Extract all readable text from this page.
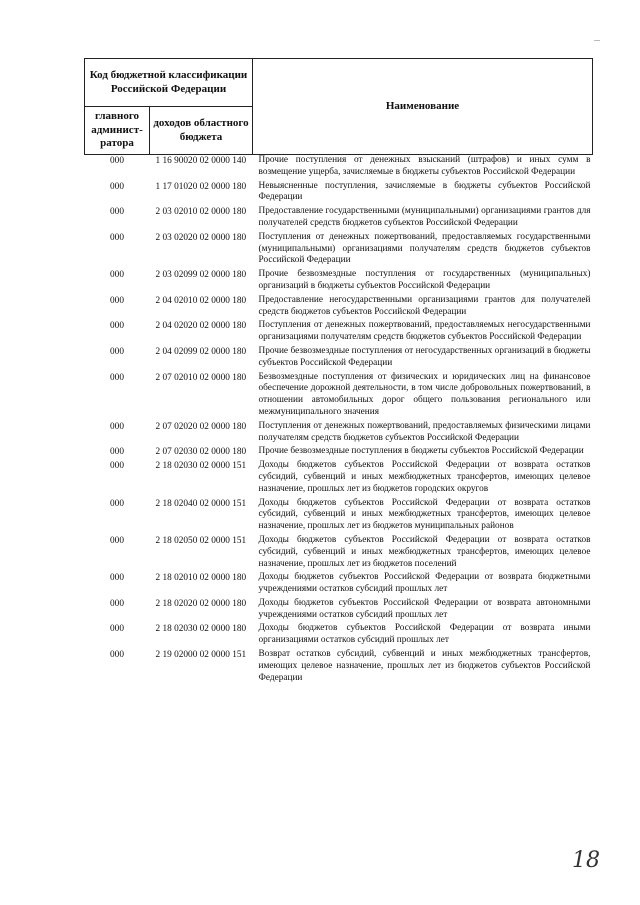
Код бюджетной классификации Российской Федерации		Наименование
главного админист-ратора	доходов областного бюджета	
000	1 16 90020 02 0000 140	Прочие поступления от денежных взысканий (штрафов) и иных сумм в возмещение ущерба, зачисляемые в бюджеты субъектов Российской Федерации
000	1 17 01020 02 0000 180	Невыясненные поступления, зачисляемые в бюджеты субъектов Российской Федерации
000	2 03 02010 02 0000 180	Предоставление государственными (муниципальными) организациями грантов для получателей средств бюджетов субъектов Российской Федерации
000	2 03 02020 02 0000 180	Поступления от денежных пожертвований, предоставляемых государственными (муниципальными) организациями получателям средств бюджетов субъектов Российской Федерации
000	2 03 02099 02 0000 180	Прочие безвозмездные поступления от государственных (муниципальных) организаций в бюджеты субъектов Российской Федерации
000	2 04 02010 02 0000 180	Предоставление негосударственными организациями грантов для получателей средств бюджетов субъектов Российской Федерации
000	2 04 02020 02 0000 180	Поступления от денежных пожертвований, предоставляемых негосударственными организациями получателям средств бюджетов субъектов Российской Федерации
000	2 04 02099 02 0000 180	Прочие безвозмездные поступления от негосударственных организаций в бюджеты субъектов Российской Федерации
000	2 07 02010 02 0000 180	Безвозмездные поступления от физических и юридических лиц на финансовое обеспечение дорожной деятельности, в том числе добровольных пожертвований, в отношении автомобильных дорог общего пользования регионального или межмуниципального значения
000	2 07 02020 02 0000 180	Поступления от денежных пожертвований, предоставляемых физическими лицами получателям средств бюджетов субъектов Российской Федерации
000	2 07 02030 02 0000 180	Прочие безвозмездные поступления в бюджеты субъектов Российской Федерации
000	2 18 02030 02 0000 151	Доходы бюджетов субъектов Российской Федерации от возврата остатков субсидий, субвенций и иных межбюджетных трансфертов, имеющих целевое назначение, прошлых лет из бюджетов городских округов
000	2 18 02040 02 0000 151	Доходы бюджетов субъектов Российской Федерации от возврата остатков субсидий, субвенций и иных межбюджетных трансфертов, имеющих целевое назначение, прошлых лет из бюджетов муниципальных районов
000	2 18 02050 02 0000 151	Доходы бюджетов субъектов Российской Федерации от возврата остатков субсидий, субвенций и иных межбюджетных трансфертов, имеющих целевое назначение, прошлых лет из бюджетов поселений
000	2 18 02010 02 0000 180	Доходы бюджетов субъектов Российской Федерации от возврата бюджетными учреждениями остатков субсидий прошлых лет
000	2 18 02020 02 0000 180	Доходы бюджетов субъектов Российской Федерации от возврата автономными учреждениями остатков субсидий прошлых лет
000	2 18 02030 02 0000 180	Доходы бюджетов субъектов Российской Федерации от возврата иными организациями остатков субсидий прошлых лет
000	2 19 02000 02 0000 151	Возврат остатков субсидий, субвенций и иных межбюджетных трансфертов, имеющих целевое назначение, прошлых лет из бюджетов субъектов Российской Федерации
18
